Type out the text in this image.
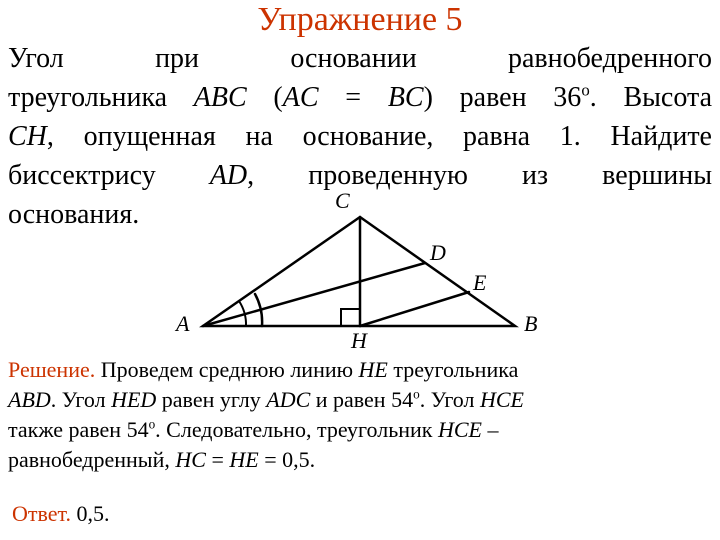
Упражнение 5
Угол при основании равнобедренного
треугольника ABC (AC = BC) равен 36$^o$. Высота
CH, опущенная на основание, равна 1. Найдите
биссектрису AD, проведенную из вершины
основания.	C
D
E
A
H
B
Решение. Проведем среднюю линию HE треугольника
ABD. Угол HED равен углу ADC и равен 54$^o$. Угол HCE
также равен 54$^o$. Следовательно, треугольник HCE –
равнобедренный, HC = HE = 0,5.
Ответ. 0,5.
